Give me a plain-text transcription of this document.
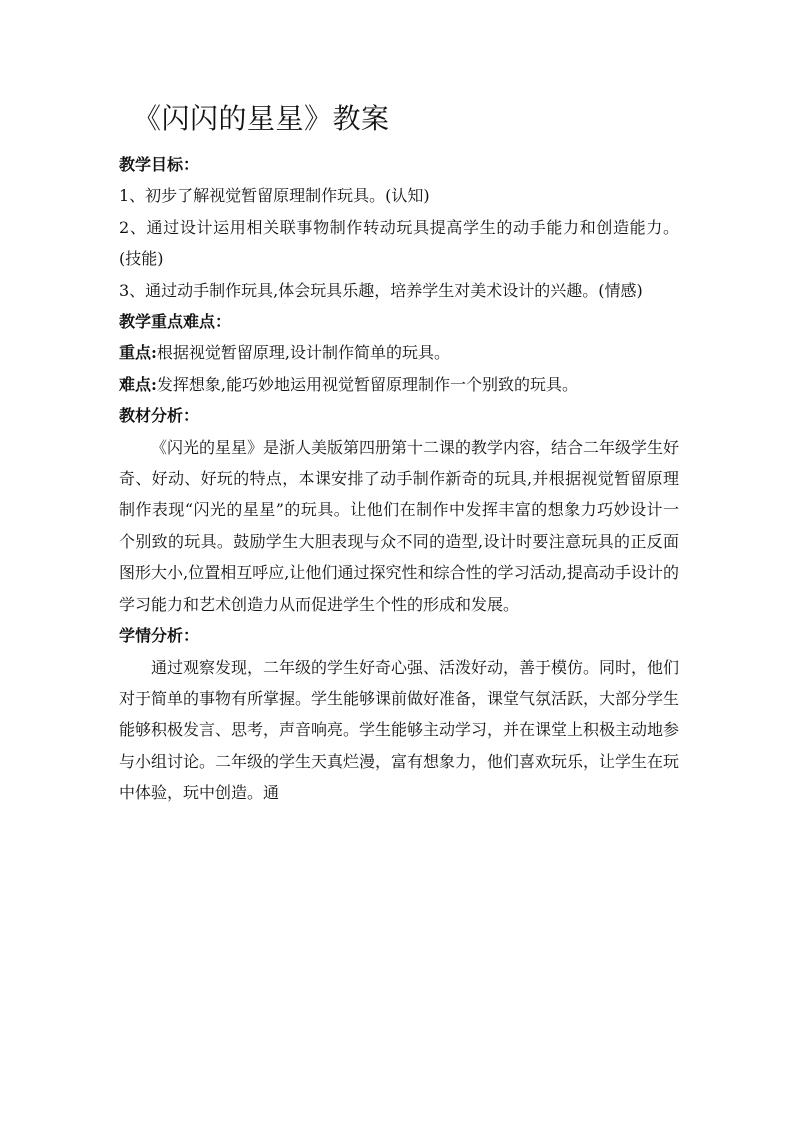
《闪闪的星星》教案
教学目标：
1、初步了解视觉暂留原理制作玩具。(认知)
2、通过设计运用相关联事物制作转动玩具提高学生的动手能力和创造能力。(技能)
3、通过动手制作玩具,体会玩具乐趣，培养学生对美术设计的兴趣。(情感)
教学重点难点：
重点:根据视觉暂留原理,设计制作简单的玩具。
难点:发挥想象,能巧妙地运用视觉暂留原理制作一个别致的玩具。
教材分析：
《闪光的星星》是浙人美版第四册第十二课的教学内容，结合二年级学生好奇、好动、好玩的特点，本课安排了动手制作新奇的玩具,并根据视觉暂留原理制作表现“闪光的星星”的玩具。让他们在制作中发挥丰富的想象力巧妙设计一个别致的玩具。鼓励学生大胆表现与众不同的造型,设计时要注意玩具的正反面图形大小,位置相互呼应,让他们通过探究性和综合性的学习活动,提高动手设计的学习能力和艺术创造力从而促进学生个性的形成和发展。
学情分析：
通过观察发现，二年级的学生好奇心强、活泼好动，善于模仿。同时，他们对于简单的事物有所掌握。学生能够课前做好准备，课堂气氛活跃，大部分学生能够积极发言、思考，声音响亮。学生能够主动学习，并在课堂上积极主动地参与小组讨论。二年级的学生天真烂漫，富有想象力，他们喜欢玩乐，让学生在玩中体验，玩中创造。通
